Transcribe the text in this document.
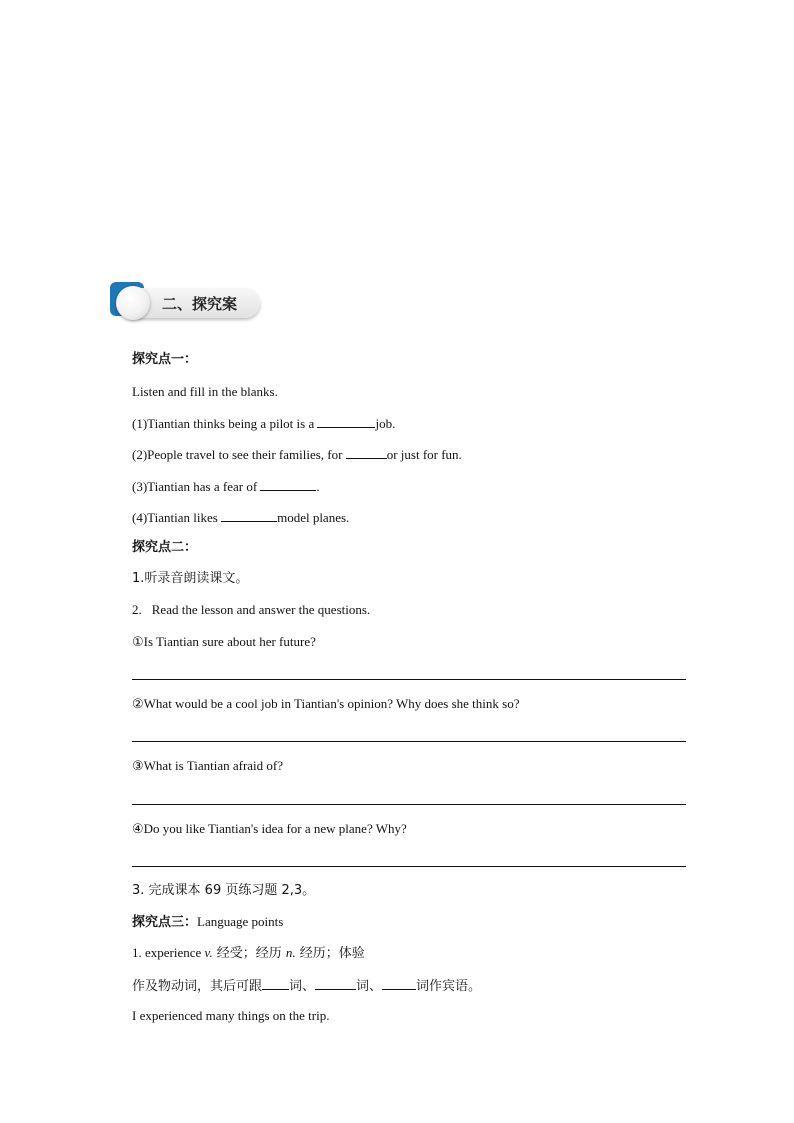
二、探究案
探究点一：
Listen and fill in the blanks.
(1)Tiantian thinks being a pilot is a	job.
(2)People travel to see their families, for	or just for fun.
(3)Tiantian has a fear of	.
(4)Tiantian likes	model planes.
探究点二：
1.听录音朗读课文。
2. Read the lesson and answer the questions.
①Is Tiantian sure about her future?
②What would be a cool job in Tiantian's opinion? Why does she think so?
③What is Tiantian afraid of?
④Do you like Tiantian's idea for a new plane? Why?
3. 完成课本 69 页练习题 2,3。
探究点三：Language points
1. experience v. 经受；经历 n. 经历；体验
作及物动词，其后可跟 词、	词、	词作宾语。
I experienced many things on the trip.
